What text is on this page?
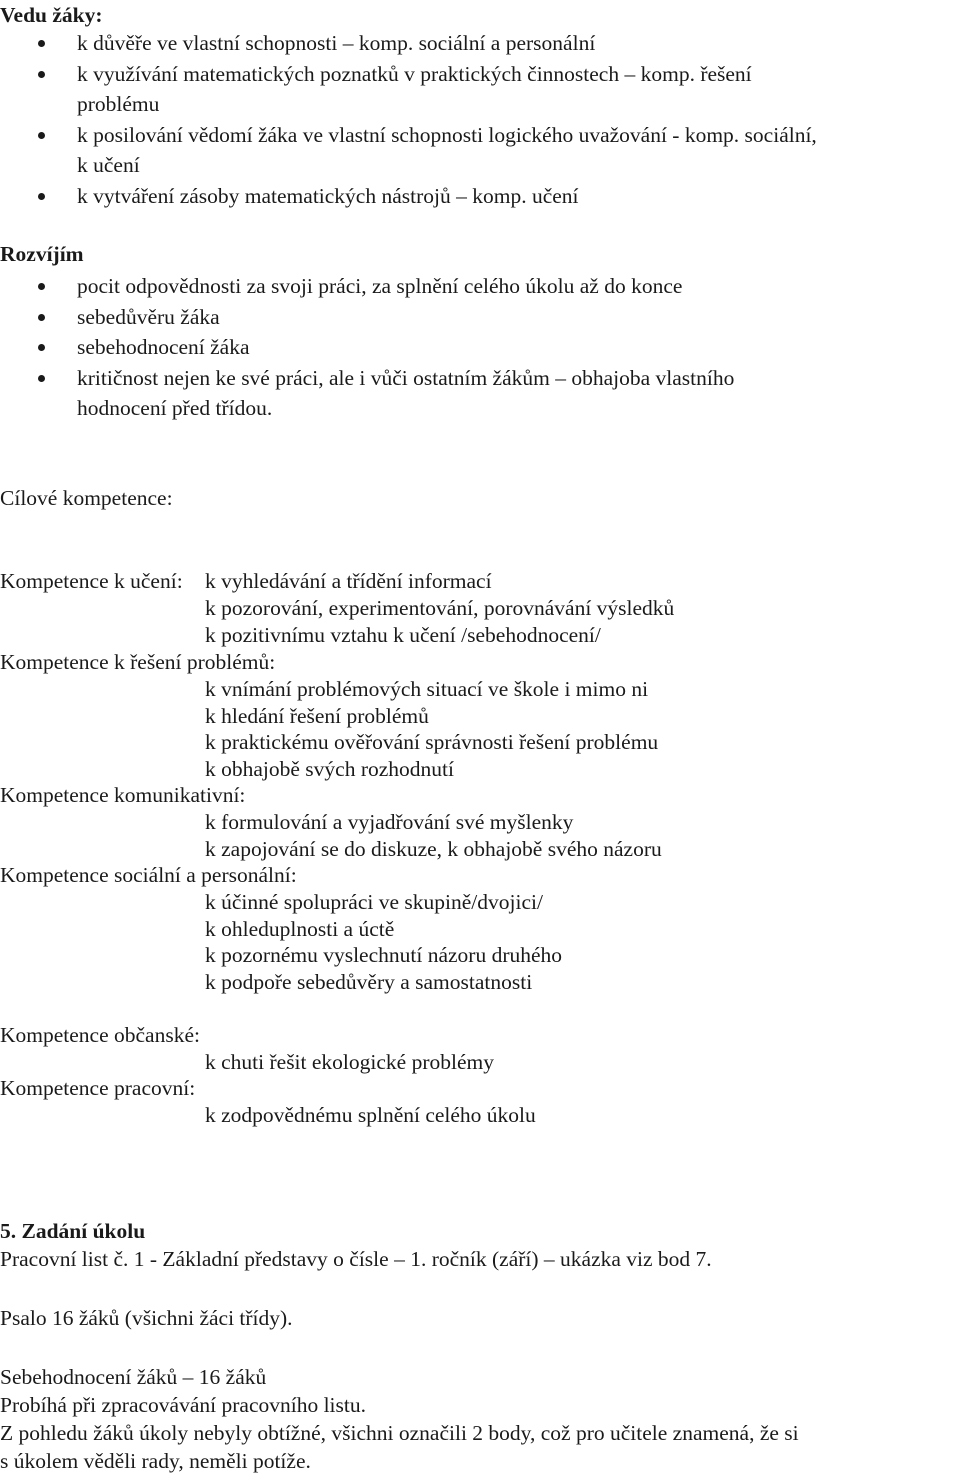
Vedu žáky:
k důvěře ve vlastní schopnosti – komp. sociální a personální
k využívání matematických poznatků v praktických činnostech – komp. řešení
problému
k posilování vědomí žáka ve vlastní schopnosti logického uvažování - komp. sociální,
k učení
k vytváření zásoby matematických nástrojů – komp. učení
Rozvíjím
pocit odpovědnosti za svoji práci, za splnění celého úkolu až do konce
sebedůvěru žáka
sebehodnocení žáka
kritičnost nejen ke své práci, ale i vůči ostatním žákům – obhajoba vlastního
hodnocení před třídou.
Cílové kompetence:
Kompetence k učení: k vyhledávání a třídění informací
k pozorování, experimentování, porovnávání výsledků
k pozitivnímu vztahu k učení /sebehodnocení/
Kompetence k řešení problémů:
k vnímání problémových situací ve škole i mimo ni
k hledání řešení problémů
k praktickému ověřování správnosti řešení problému
k obhajobě svých rozhodnutí
Kompetence komunikativní:
k formulování a vyjadřování své myšlenky
k zapojování se do diskuze, k obhajobě svého názoru
Kompetence sociální a personální:
k účinné spolupráci ve skupině/dvojici/
k ohleduplnosti a úctě
k pozornému vyslechnutí názoru druhého
k podpoře sebedůvěry a samostatnosti
Kompetence občanské:
k chuti řešit ekologické problémy
Kompetence pracovní:
k zodpovědnému splnění celého úkolu
5. Zadání úkolu
Pracovní list č. 1 - Základní představy o čísle – 1. ročník (září) – ukázka viz bod 7.
Psalo 16 žáků (všichni žáci třídy).
Sebehodnocení žáků – 16 žáků
Probíhá při zpracovávání pracovního listu.
Z pohledu žáků úkoly nebyly obtížné, všichni označili 2 body, což pro učitele znamená, že si
s úkolem věděli rady, neměli potíže.
